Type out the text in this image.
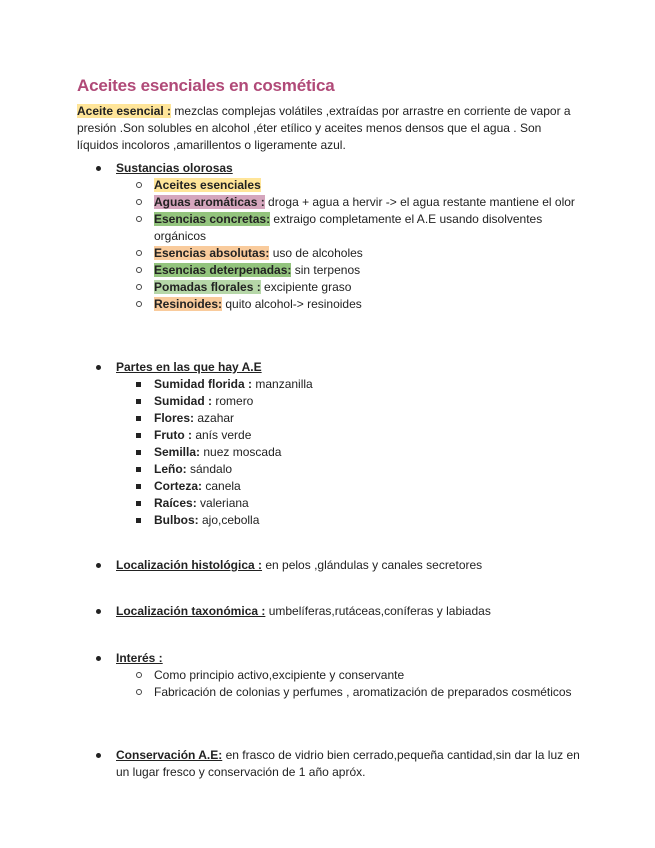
Aceites esenciales en cosmética

Aceite esencial : mezclas complejas volátiles ,extraídas por arrastre en corriente de vapor a presión .Son solubles en alcohol ,éter etílico y aceites menos densos que el agua . Son líquidos incoloros ,amarillentos o ligeramente azul.

Sustancias olorosas
Aceites esenciales
Aguas aromáticas : droga + agua a hervir -> el agua restante mantiene el olor
Esencias concretas: extraigo completamente el A.E usando disolventes orgánicos
Esencias absolutas: uso de alcoholes
Esencias deterpenadas: sin terpenos
Pomadas florales : excipiente graso
Resinoides: quito alcohol-> resinoides
Partes en las que hay A.E
Sumidad florida : manzanilla
Sumidad : romero
Flores: azahar
Fruto : anís verde
Semilla: nuez moscada
Leño: sándalo
Corteza: canela
Raíces: valeriana
Bulbos: ajo,cebolla
Localización histológica : en pelos ,glándulas y canales secretores
Localización taxonómica : umbelíferas,rutáceas,coníferas y labiadas
Interés :
Como principio activo,excipiente y conservante
Fabricación de colonias y perfumes , aromatización de preparados cosméticos
Conservación A.E: en frasco de vidrio bien cerrado,pequeña cantidad,sin dar la luz en un lugar fresco y conservación de 1 año apróx.
